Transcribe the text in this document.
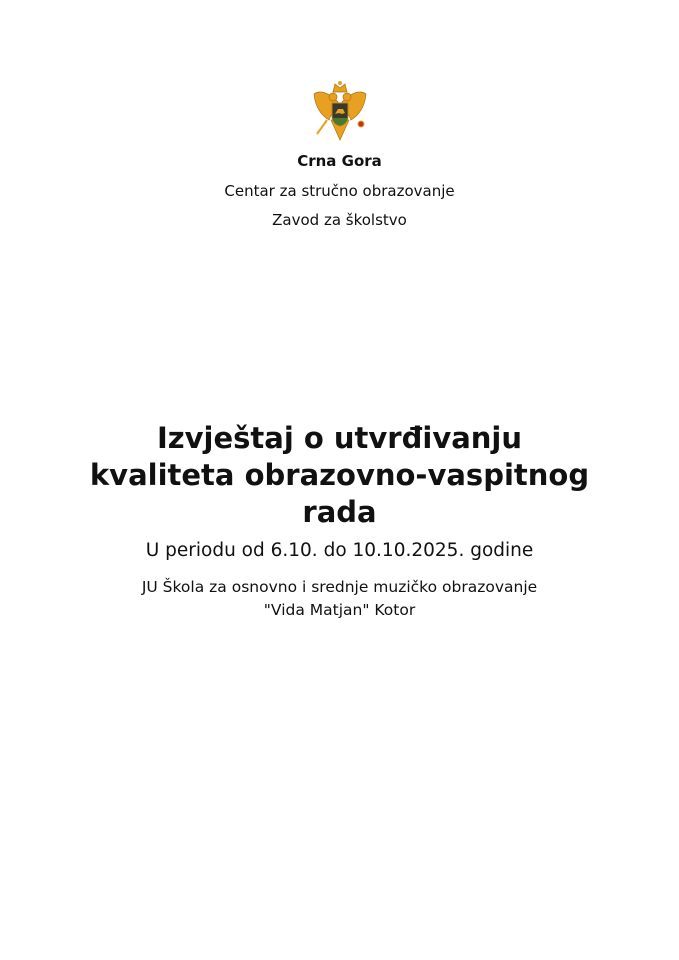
Crna Gora
Centar za stručno obrazovanje
Zavod za školstvo
Izvještaj o utvrđivanju
kvaliteta obrazovno-vaspitnog
rada
U periodu od 6.10. do 10.10.2025. godine
JU Škola za osnovno i srednje muzičko obrazovanje
"Vida Matjan" Kotor
